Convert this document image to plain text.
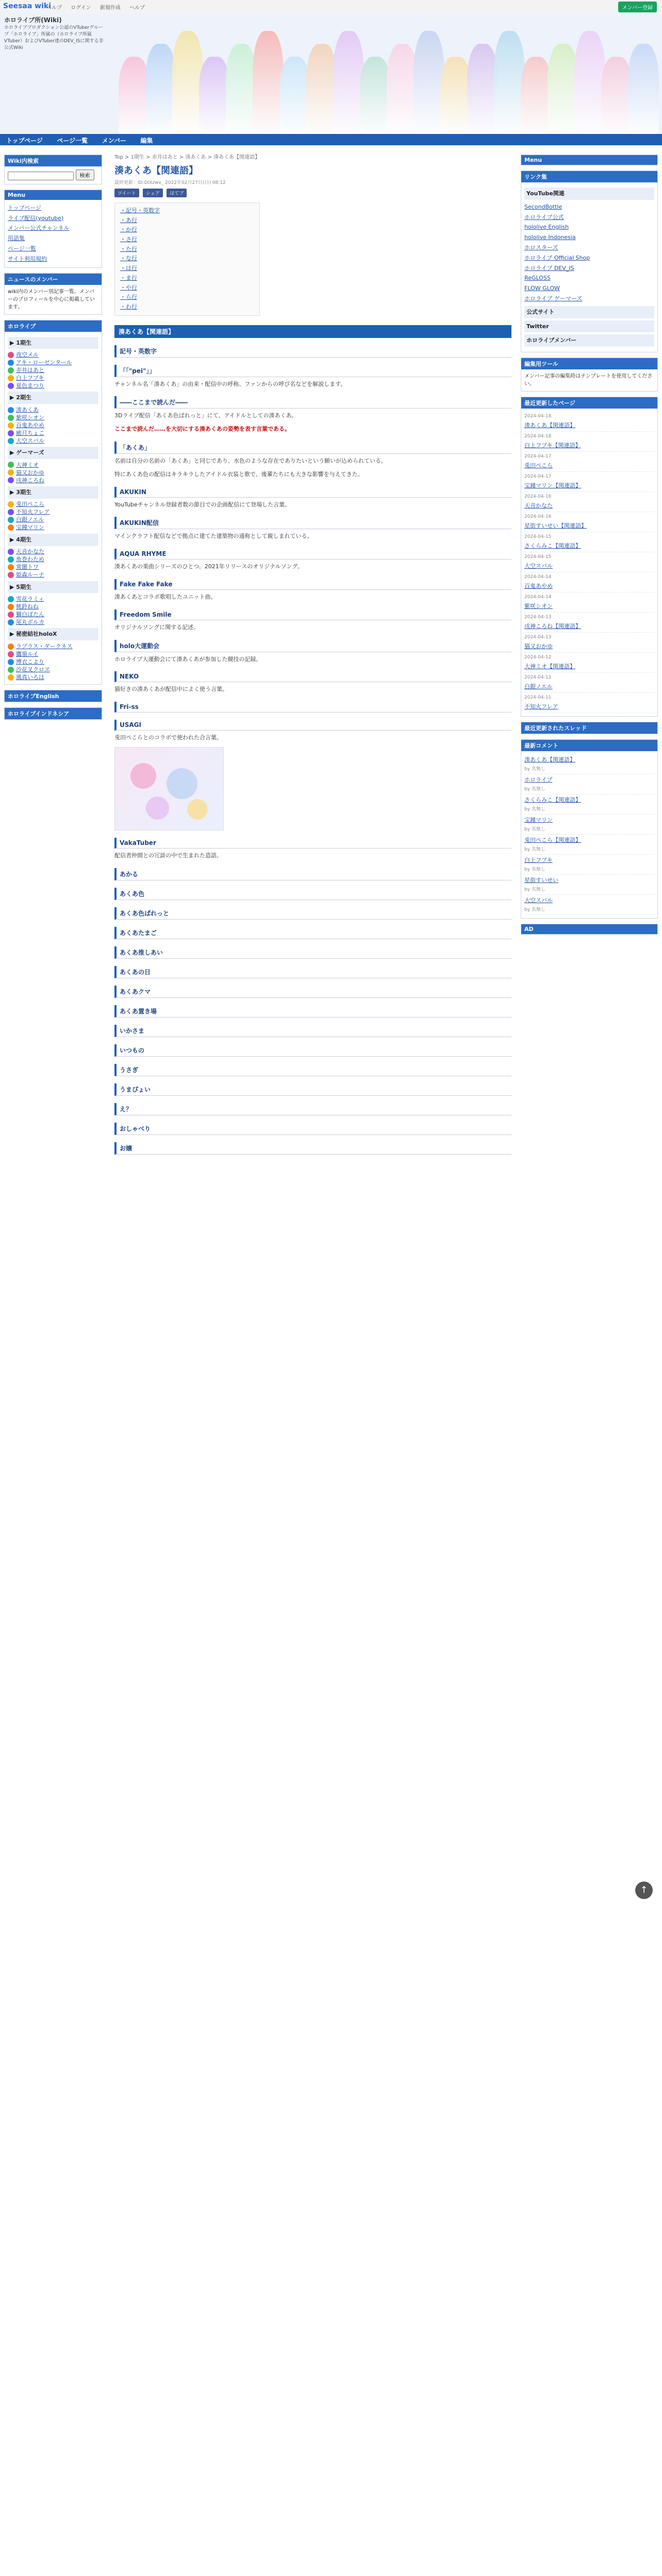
Seesaa wiki
ヘルプ ログイン 新規作成 ヘルプ	メンバー登録
ホロライブ所(Wiki)
ホロライブプロダクション公認のVTuberグループ「ホロライブ」所属の（ホロライブ所属VTuber）およびVTuber達のDEV_ISに関する非公式Wiki
トップページ ページ一覧 メンバー 編集
Wiki内検索
検索
Menu
トップページ
ライブ配信(youtube)
メンバー公式チャンネル
用語集
ページ一覧
サイト利用規約
ニュースのメンバー
wiki内のメンバー別記事一覧。メンバーのプロフィールを中心に掲載しています。
ホロライブ
▶ 1期生
夜空メル
アキ・ローゼンタール
赤井はあと
白上フブキ
夏色まつり
▶ 2期生
湊あくあ
紫咲シオン
百鬼あやめ
癒月ちょこ
大空スバル
▶ ゲーマーズ
大神ミオ
猫又おかゆ
戌神ころね
▶ 3期生
兎田ぺこら
不知火フレア
白銀ノエル
宝鐘マリン
▶ 4期生
天音かなた
角巻わため
常闇トワ
姫森ルーナ
▶ 5期生
雪花ラミィ
桃鈴ねね
獅白ぼたん
尾丸ポルカ
▶ 秘密結社holoX
ラプラス・ダークネス
鷹嶺ルイ
博衣こより
沙花叉クロヱ
風真いろは
ホロライブEnglish
ホロライブインドネシア
Top > 1期生 > 赤井はあと > 湊あくあ > 湊あくあ【関連語】
湊あくあ【関連語】
最終更新：ID:DIXzwx_ 2022年02月27日(日) 08:12
ツイート シェア はてブ
・記号・英数字
・あ行
・か行
・さ行
・た行
・な行
・は行
・ま行
・や行
・ら行
・わ行
湊あくあ【関連語】
記号・英数字
「「"pei"」」
チャンネル名「湊あくあ」の由来・配信中の呼称、ファンからの呼び名などを解説します。
――ここまで読んだ――
3Dライブ配信「あくあ色ぱれっと」にて、アイドルとしての湊あくあ。
ここまで読んだ……を大切にする湊あくあの姿勢を表す言葉である。
「あくあ」
名前は自分の名前の「あくあ」と同じであり、水色のような存在でありたいという願いが込められている。
特にあくあ色の配信はキラキラしたアイドル衣装と歌で、後輩たちにも大きな影響を与えてきた。
AKUKIN
YouTubeチャンネル登録者数の節目での企画配信にて登場した言葉。
AKUKIN配信
マインクラフト配信などで拠点に建てた建築物の通称として親しまれている。
AQUA RHYME
湊あくあの楽曲シリーズのひとつ。2021年リリースのオリジナルソング。
Fake Fake Fake
湊あくあとコラボ歌唱したユニット曲。
Freedom Smile
オリジナルソングに関する記述。
holo大運動会
ホロライブ大運動会にて湊あくあが参加した競技の記録。
NEKO
猫好きの湊あくあが配信中によく使う言葉。
Fri-ss
USAGI
兎田ぺこらとのコラボで使われた合言葉。
VakaTuber
配信者仲間との冗談の中で生まれた造語。
あかる
あくあ色
あくあ色ぱれっと
あくあたまご
あくあ推しあい
あくあの日
あくあクマ
あくあ置き場
いかさま
いつもの
うさぎ
うまぴょい
え？
おしゃべり
お嬢
Menu
リンク集
YouTube関連
SecondBottle
ホロライブ公式
hololive English
hololive Indonesia
ホロスターズ
ホロライブ Official Shop
ホロライブ DEV_IS
ReGLOSS
FLOW GLOW
ホロライブ ゲーマーズ
公式サイト
Twitter
ホロライブメンバー
編集用ツール
メンバー記事の編集時はテンプレートを使用してください。
最近更新したページ
2024-04-18
湊あくあ【関連語】
2024-04-18
白上フブキ【関連語】
2024-04-17
兎田ぺこら
2024-04-17
宝鐘マリン【関連語】
2024-04-16
天音かなた
2024-04-16
星街すいせい【関連語】
2024-04-15
さくらみこ【関連語】
2024-04-15
大空スバル
2024-04-14
百鬼あやめ
2024-04-14
紫咲シオン
2024-04-13
戌神ころね【関連語】
2024-04-13
猫又おかゆ
2024-04-12
大神ミオ【関連語】
2024-04-12
白銀ノエル
2024-04-11
不知火フレア
最近更新されたスレッド
最新コメント
湊あくあ【関連語】
by 名無し
ホロライブ
by 名無し
さくらみこ【関連語】
by 名無し
宝鐘マリン
by 名無し
兎田ぺこら【関連語】
by 名無し
白上フブキ
by 名無し
星街すいせい
by 名無し
大空スバル
by 名無し
AD
↑
